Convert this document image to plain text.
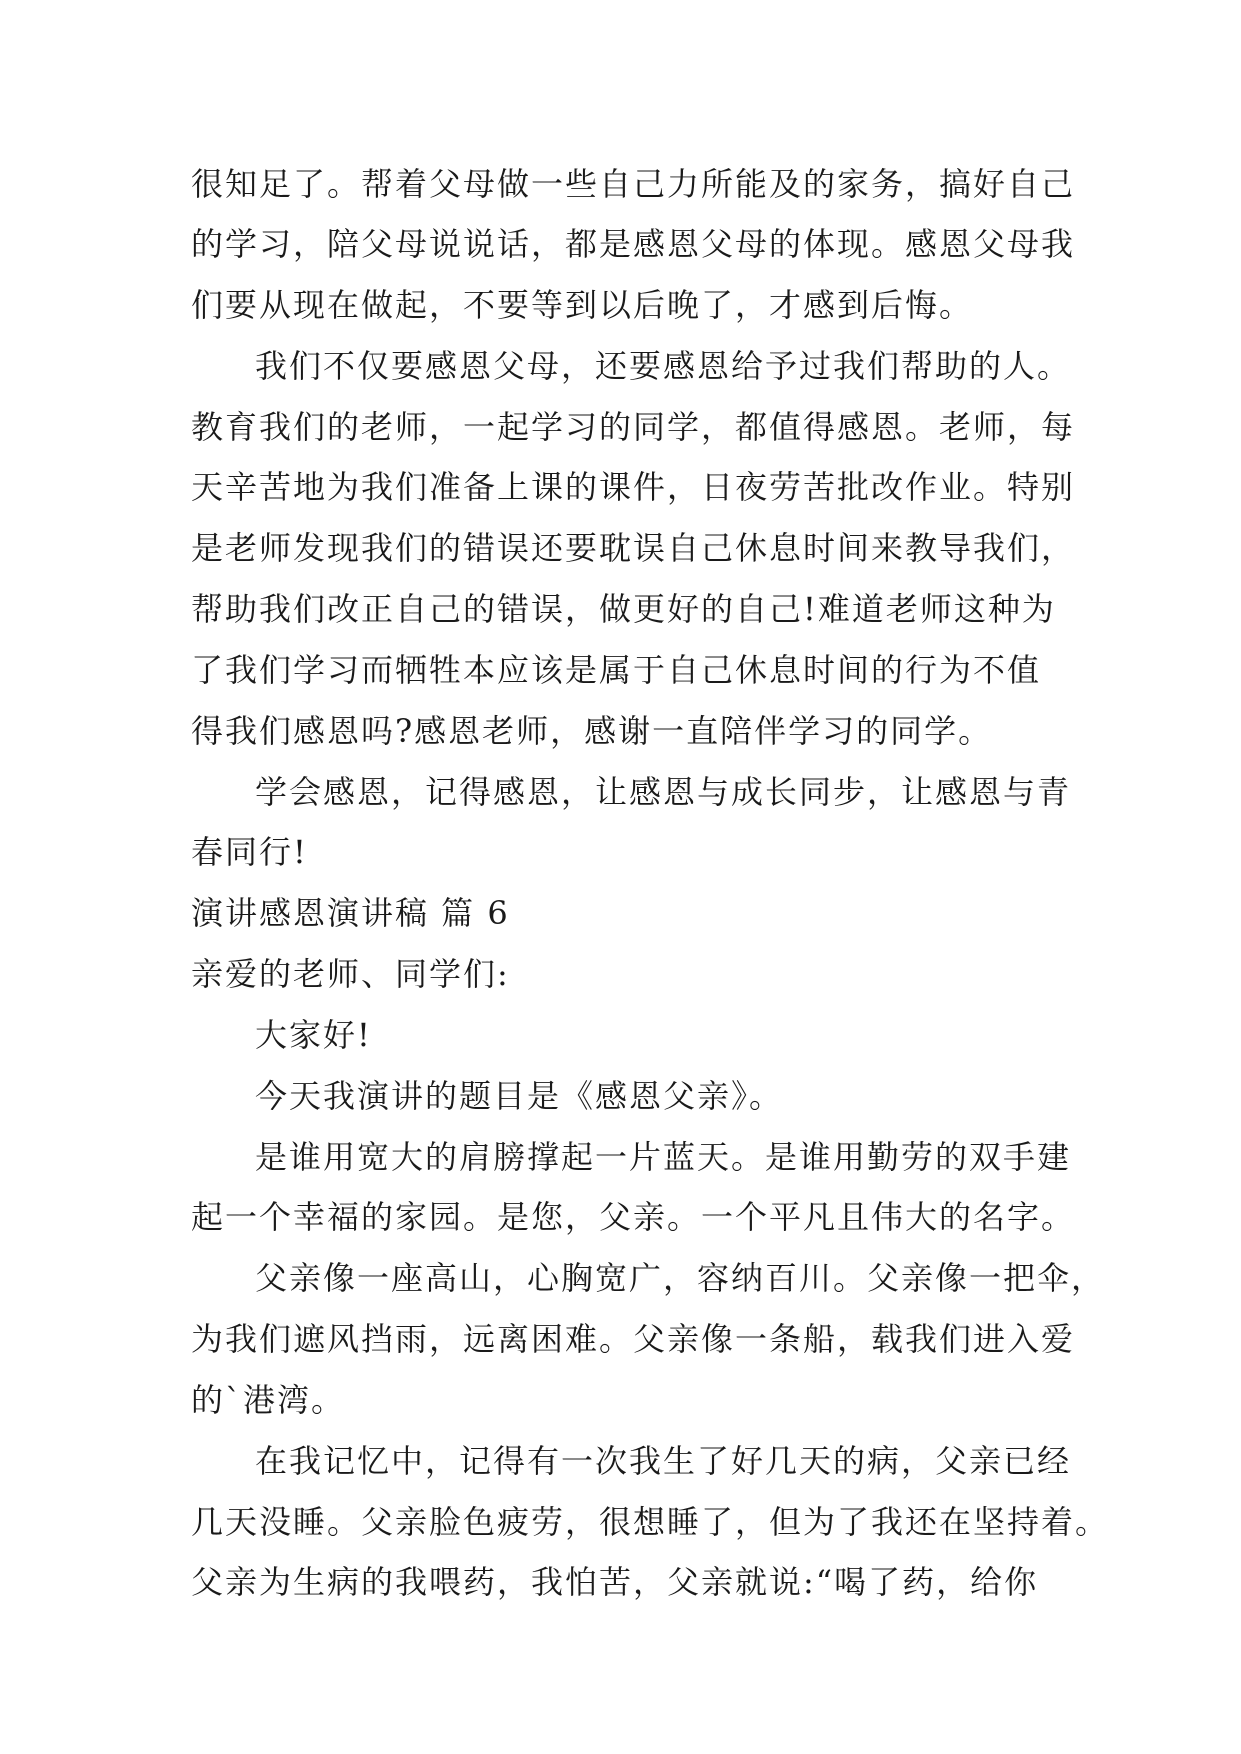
很知足了。帮着父母做一些自己力所能及的家务，搞好自己
的学习，陪父母说说话，都是感恩父母的体现。感恩父母我
们要从现在做起，不要等到以后晚了，才感到后悔。
我们不仅要感恩父母，还要感恩给予过我们帮助的人。
教育我们的老师，一起学习的同学，都值得感恩。老师，每
天辛苦地为我们准备上课的课件，日夜劳苦批改作业。特别
是老师发现我们的错误还要耽误自己休息时间来教导我们，
帮助我们改正自己的错误，做更好的自己!难道老师这种为
了我们学习而牺牲本应该是属于自己休息时间的行为不值
得我们感恩吗?感恩老师，感谢一直陪伴学习的同学。
学会感恩，记得感恩，让感恩与成长同步，让感恩与青
春同行!
演讲感恩演讲稿 篇 6
亲爱的老师、同学们:
大家好!
今天我演讲的题目是《感恩父亲》。
是谁用宽大的肩膀撑起一片蓝天。是谁用勤劳的双手建
起一个幸福的家园。是您，父亲。一个平凡且伟大的名字。
父亲像一座高山，心胸宽广，容纳百川。父亲像一把伞，
为我们遮风挡雨，远离困难。父亲像一条船，载我们进入爱
的`港湾。
在我记忆中，记得有一次我生了好几天的病，父亲已经
几天没睡。父亲脸色疲劳，很想睡了，但为了我还在坚持着。
父亲为生病的我喂药，我怕苦，父亲就说:“喝了药，给你
